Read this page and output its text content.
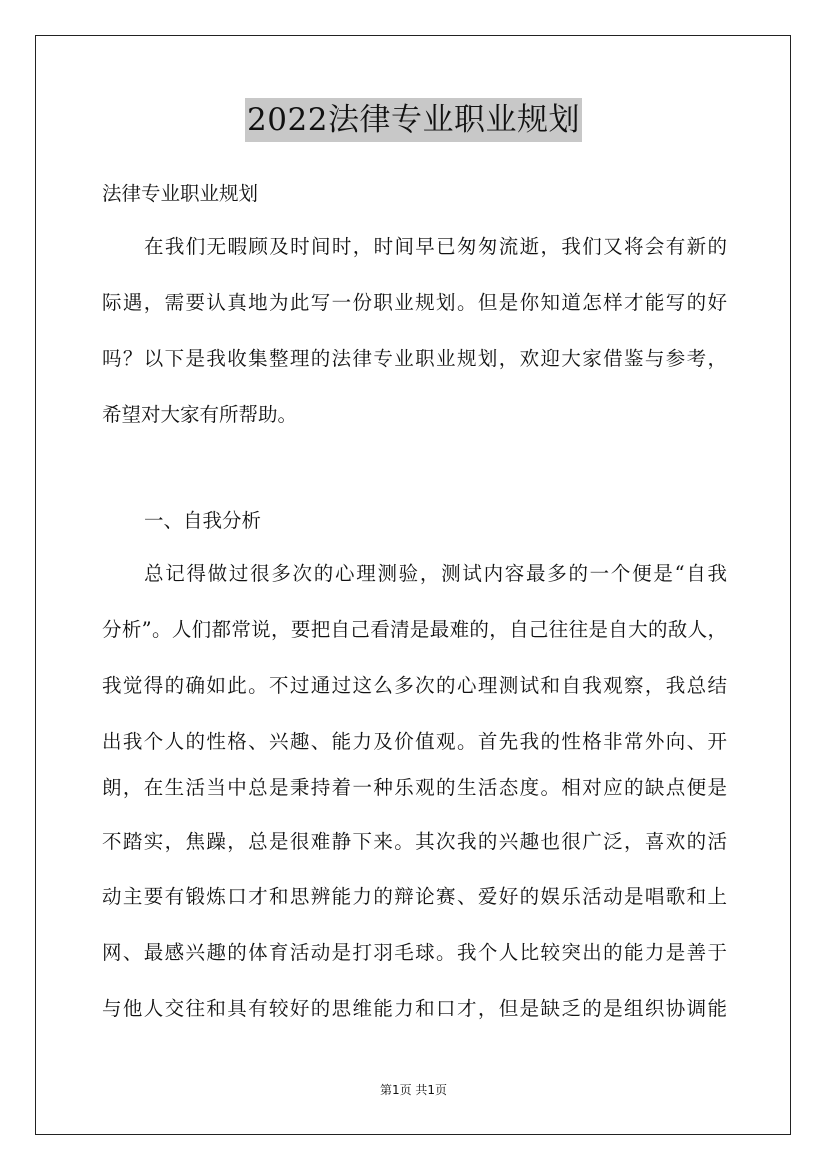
2022法律专业职业规划
法律专业职业规划
在我们无暇顾及时间时，时间早已匆匆流逝，我们又将会有新的
际遇，需要认真地为此写一份职业规划。但是你知道怎样才能写的好
吗？以下是我收集整理的法律专业职业规划，欢迎大家借鉴与参考，
希望对大家有所帮助。
一、自我分析
总记得做过很多次的心理测验，测试内容最多的一个便是“自我
分析”。人们都常说，要把自己看清是最难的，自己往往是自大的敌人，
我觉得的确如此。不过通过这么多次的心理测试和自我观察，我总结
出我个人的性格、兴趣、能力及价值观。首先我的性格非常外向、开
朗，在生活当中总是秉持着一种乐观的生活态度。相对应的缺点便是
不踏实，焦躁，总是很难静下来。其次我的兴趣也很广泛，喜欢的活
动主要有锻炼口才和思辨能力的辩论赛、爱好的娱乐活动是唱歌和上
网、最感兴趣的体育活动是打羽毛球。我个人比较突出的能力是善于
与他人交往和具有较好的思维能力和口才，但是缺乏的是组织协调能
第1页 共1页
